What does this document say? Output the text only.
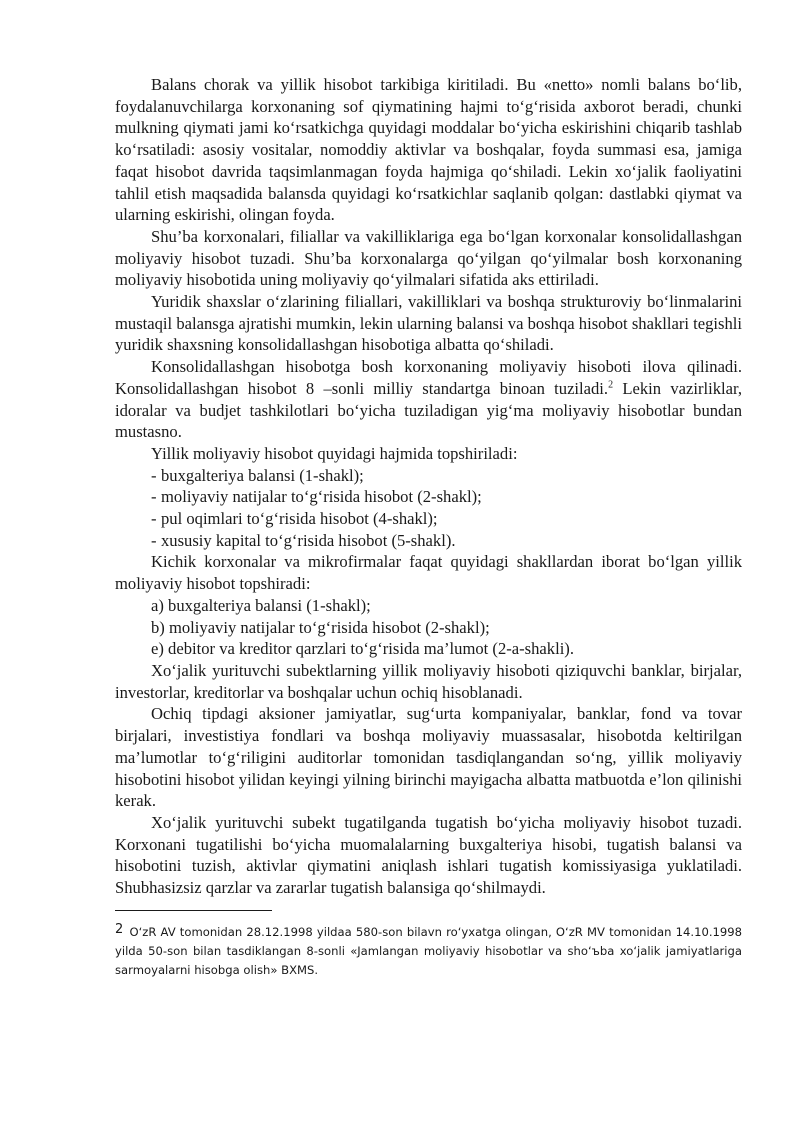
Balans chorak va yillik hisobot tarkibiga kiritiladi. Bu «netto» nomli balans bo‘lib, foydalanuvchilarga korxonaning sof qiymatining hajmi to‘g‘risida axborot beradi, chunki mulkning qiymati jami ko‘rsatkichga quyidagi moddalar bo‘yicha eskirishini chiqarib tashlab ko‘rsatiladi: asosiy vositalar, nomoddiy aktivlar va boshqalar, foyda summasi esa, jamiga faqat hisobot davrida taqsimlanmagan foyda hajmiga qo‘shiladi. Lekin xo‘jalik faoliyatini tahlil etish maqsadida balansda quyidagi ko‘rsatkichlar saqlanib qolgan: dastlabki qiymat va ularning eskirishi, olingan foyda.

Shu’ba korxonalari, filiallar va vakilliklariga ega bo‘lgan korxonalar konsolidallashgan moliyaviy hisobot tuzadi. Shu’ba korxonalarga qo‘yilgan qo‘yilmalar bosh korxonaning moliyaviy hisobotida uning moliyaviy qo‘yilmalari sifatida aks ettiriladi.

Yuridik shaxslar o‘zlarining filiallari, vakilliklari va boshqa strukturoviy bo‘linmalarini mustaqil balansga ajratishi mumkin, lekin ularning balansi va boshqa hisobot shakllari tegishli yuridik shaxsning konsolidallashgan hisobotiga albatta qo‘shiladi.

Konsolidallashgan hisobotga bosh korxonaning moliyaviy hisoboti ilova qilinadi. Konsolidallashgan hisobot 8 –sonli milliy standartga binoan tuziladi.$^2$ Lekin vazirliklar, idoralar va budjet tashkilotlari bo‘yicha tuziladigan yig‘ma moliyaviy hisobotlar bundan mustasno.

Yillik moliyaviy hisobot quyidagi hajmida topshiriladi:

- buxgalteriya balansi (1-shakl);

- moliyaviy natijalar to‘g‘risida hisobot (2-shakl);

- pul oqimlari to‘g‘risida hisobot (4-shakl);

- xususiy kapital to‘g‘risida hisobot (5-shakl).

Kichik korxonalar va mikrofirmalar faqat quyidagi shakllardan iborat bo‘lgan yillik moliyaviy hisobot topshiradi:

a) buxgalteriya balansi (1-shakl);

b) moliyaviy natijalar to‘g‘risida hisobot (2-shakl);

e) debitor va kreditor qarzlari to‘g‘risida ma’lumot (2-a-shakli).

Xo‘jalik yurituvchi subektlarning yillik moliyaviy hisoboti qiziquvchi banklar, birjalar, investorlar, kreditorlar va boshqalar uchun ochiq hisoblanadi.

Ochiq tipdagi aksioner jamiyatlar, sug‘urta kompaniyalar, banklar, fond va tovar birjalari, investistiya fondlari va boshqa moliyaviy muassasalar, hisobotda keltirilgan ma’lumotlar to‘g‘riligini auditorlar tomonidan tasdiqlangandan so‘ng, yillik moliyaviy hisobotini hisobot yilidan keyingi yilning birinchi mayigacha albatta matbuotda e’lon qilinishi kerak.

Xo‘jalik yurituvchi subekt tugatilganda tugatish bo‘yicha moliyaviy hisobot tuzadi. Korxonani tugatilishi bo‘yicha muomalalarning buxgalteriya hisobi, tugatish balansi va hisobotini tuzish, aktivlar qiymatini aniqlash ishlari tugatish komissiyasiga yuklatiladi. Shubhasizsiz qarzlar va zararlar tugatish balansiga qo‘shilmaydi.

2 O‘zR AV tomonidan 28.12.1998 yildaa 580-son bilavn ro‘yxatga olingan, O‘zR MV tomonidan 14.10.1998 yilda 50-son bilan tasdiklangan 8-sonli «Jamlangan moliyaviy hisobotlar va sho‘ъba xo‘jalik jamiyatlariga sarmoyalarni hisobga olish» BXMS.
